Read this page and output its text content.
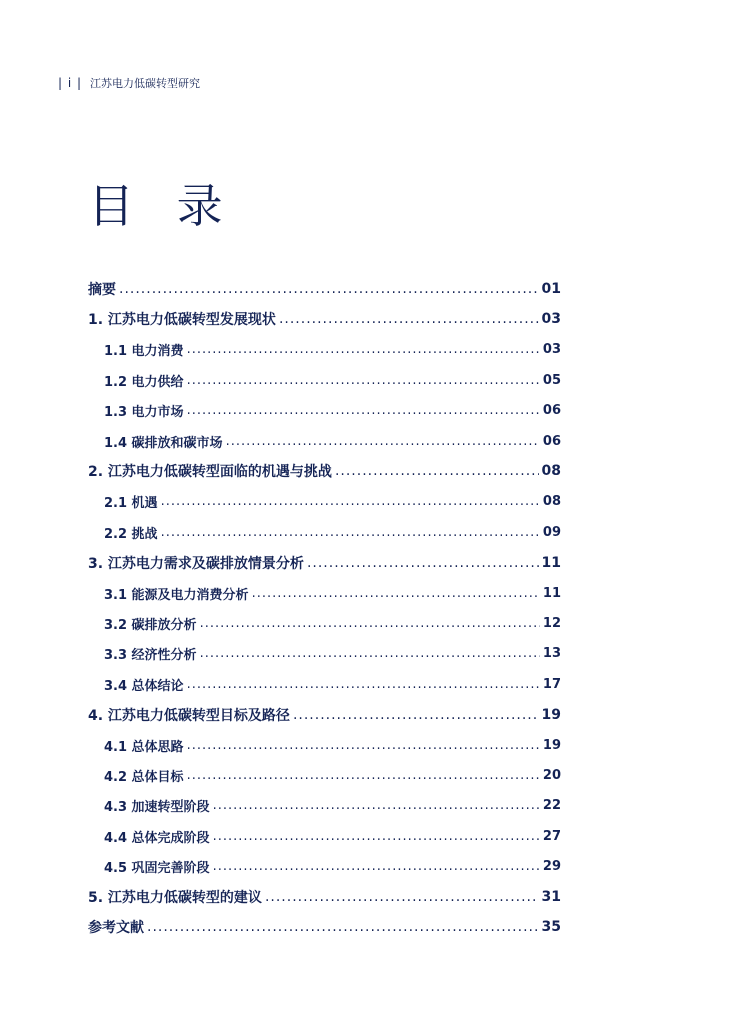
| i | 江苏电力低碳转型研究
目 录
摘要 .....	01
1. 江苏电力低碳转型发展现状 .....	03
1.1 电力消费 .....	03
1.2 电力供给 .....	05
1.3 电力市场 .....	06
1.4 碳排放和碳市场 .....	06
2. 江苏电力低碳转型面临的机遇与挑战 .....	08
2.1 机遇 .....	08
2.2 挑战 .....	09
3. 江苏电力需求及碳排放情景分析 .....	11
3.1 能源及电力消费分析 .....	11
3.2 碳排放分析 .....	12
3.3 经济性分析 .....	13
3.4 总体结论 .....	17
4. 江苏电力低碳转型目标及路径 .....	19
4.1 总体思路 .....	19
4.2 总体目标 .....	20
4.3 加速转型阶段 .....	22
4.4 总体完成阶段 .....	27
4.5 巩固完善阶段 .....	29
5. 江苏电力低碳转型的建议 .....	31
参考文献 .....	35
